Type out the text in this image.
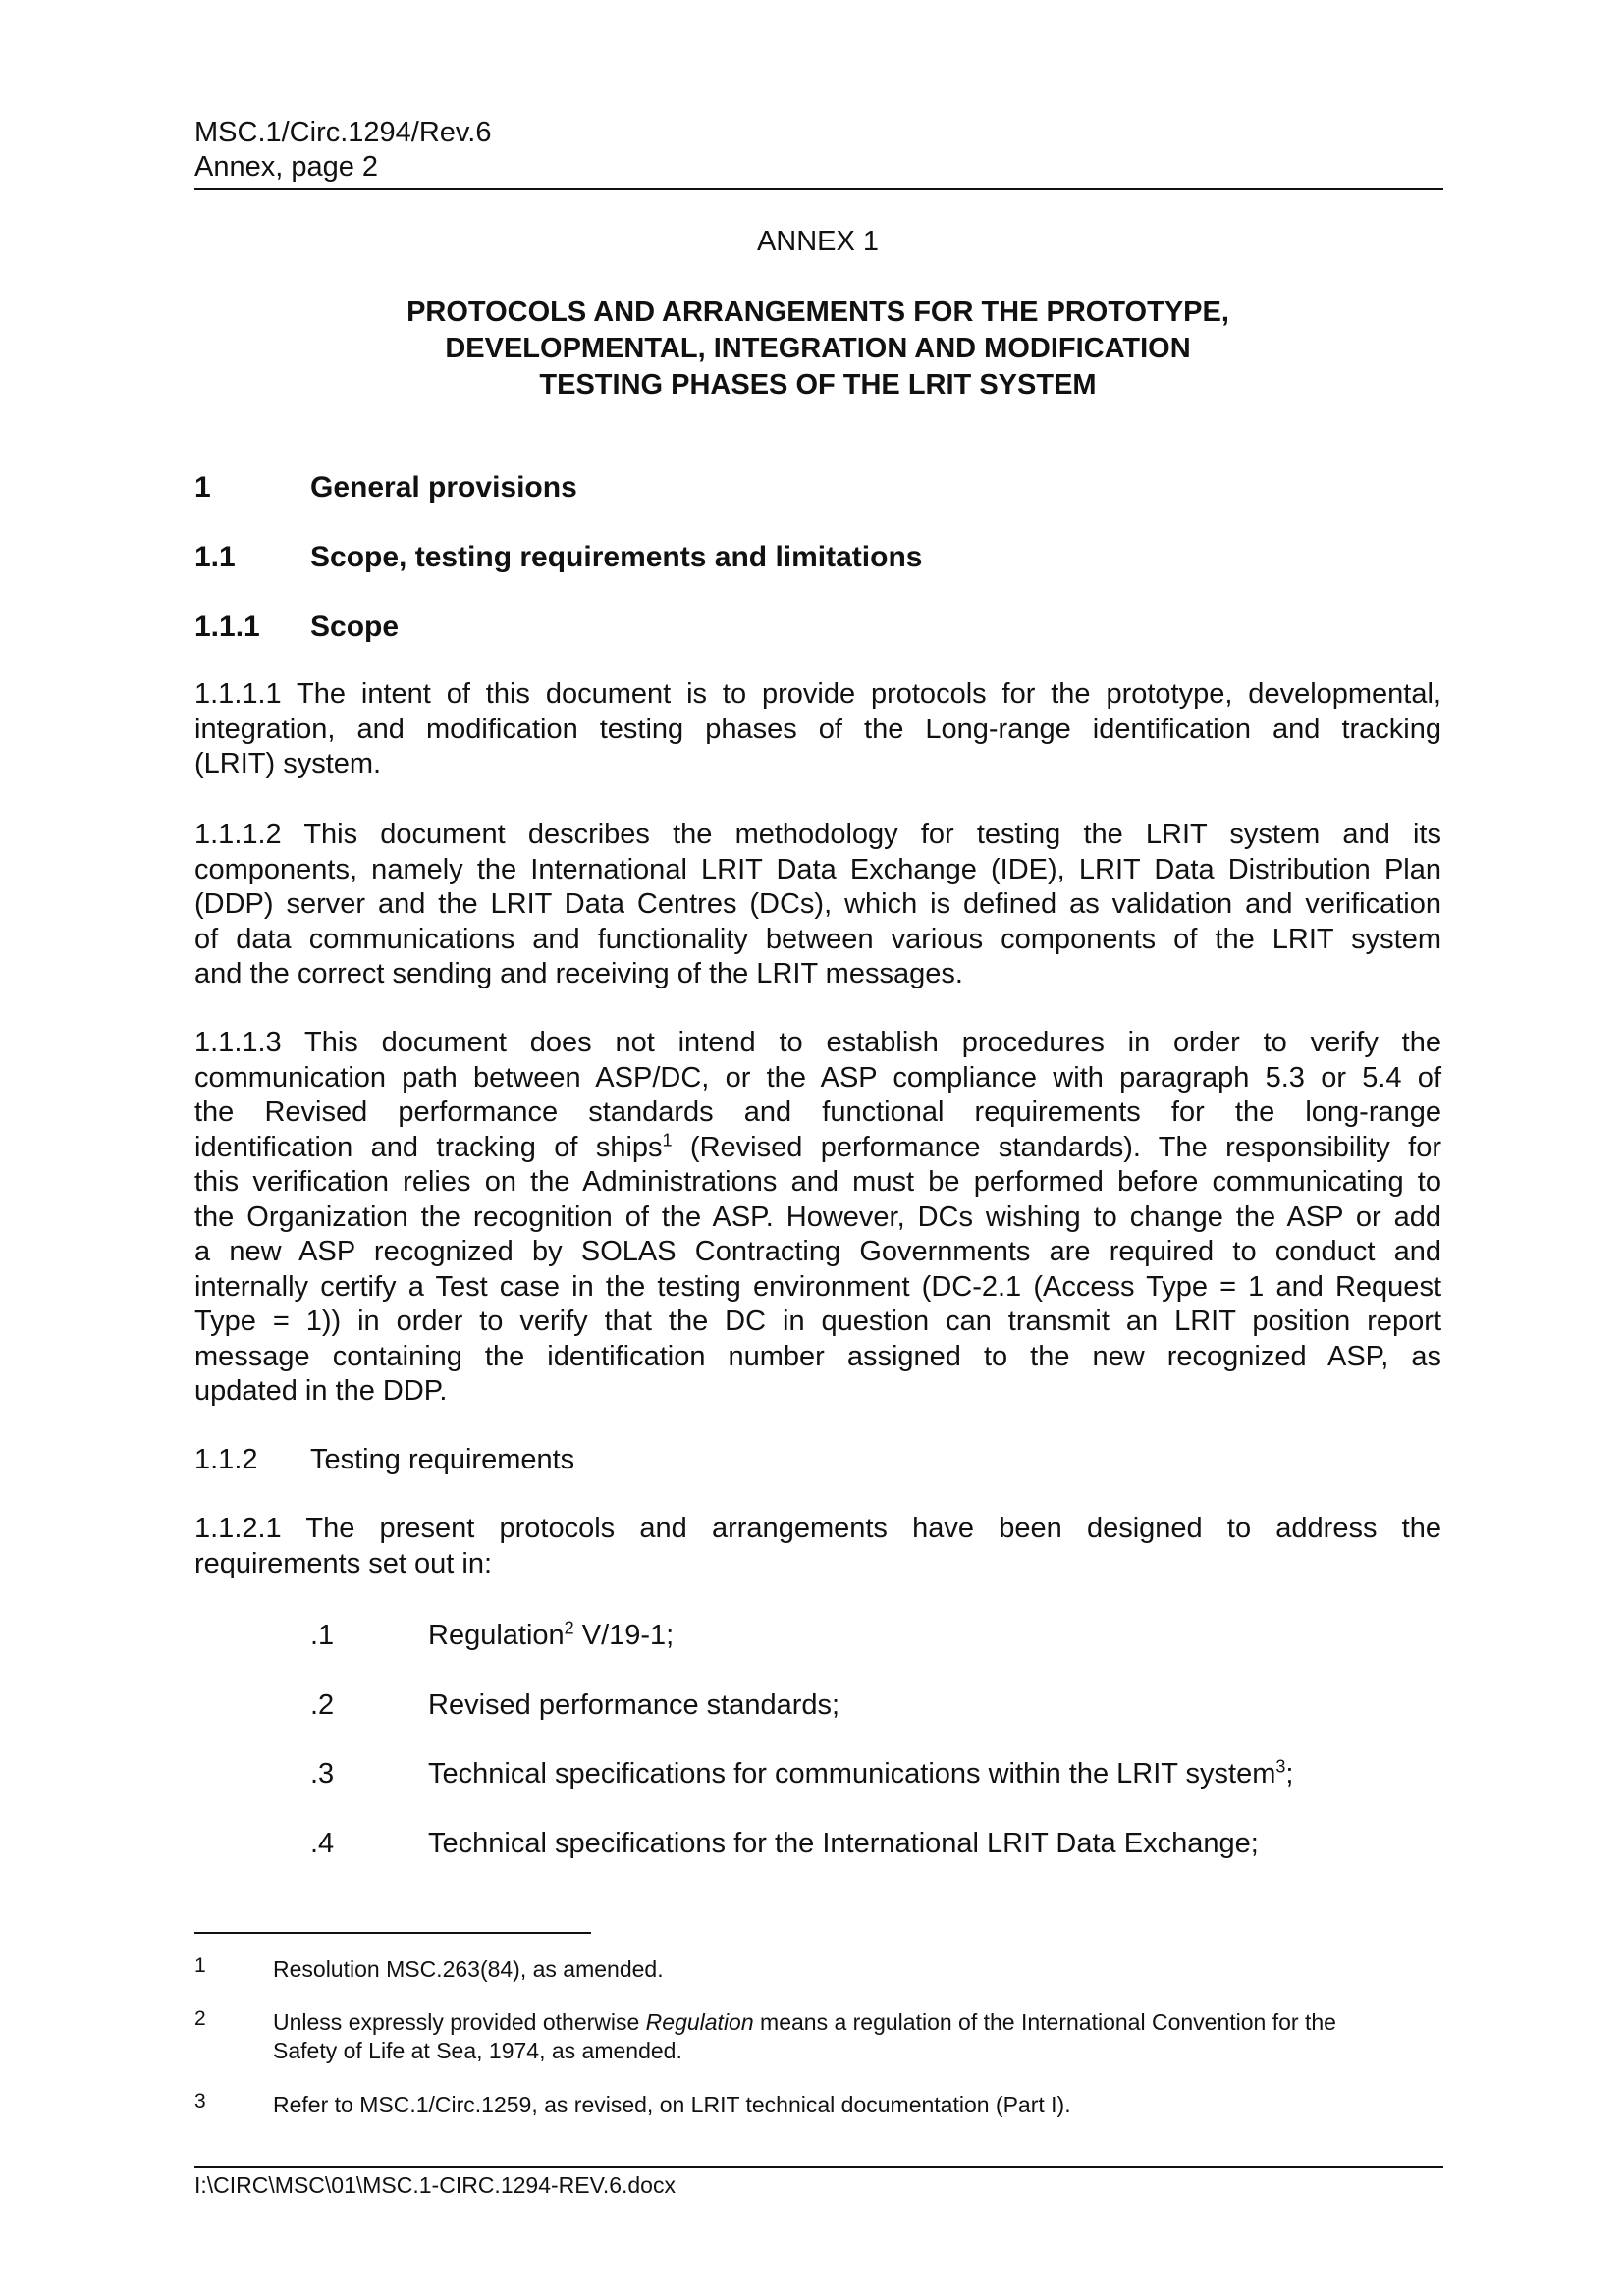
MSC.1/Circ.1294/Rev.6
Annex, page 2
ANNEX 1
PROTOCOLS AND ARRANGEMENTS FOR THE PROTOTYPE,
DEVELOPMENTAL, INTEGRATION AND MODIFICATION
TESTING PHASES OF THE LRIT SYSTEM
1	General provisions
1.1	Scope, testing requirements and limitations
1.1.1 Scope
1.1.1.1 The intent of this document is to provide protocols for the prototype, developmental,
integration, and modification testing phases of the Long-range identification and tracking
(LRIT) system.
1.1.1.2 This document describes the methodology for testing the LRIT system and its
components, namely the International LRIT Data Exchange (IDE), LRIT Data Distribution Plan
(DDP) server and the LRIT Data Centres (DCs), which is defined as validation and verification
of data communications and functionality between various components of the LRIT system
and the correct sending and receiving of the LRIT messages.
1.1.1.3 This document does not intend to establish procedures in order to verify the
communication path between ASP/DC, or the ASP compliance with paragraph 5.3 or 5.4 of
the Revised performance standards and functional requirements for the long-range
identification and tracking of ships$^1$ (Revised performance standards). The responsibility for
this verification relies on the Administrations and must be performed before communicating to
the Organization the recognition of the ASP. However, DCs wishing to change the ASP or add
a new ASP recognized by SOLAS Contracting Governments are required to conduct and
internally certify a Test case in the testing environment (DC-2.1 (Access Type = 1 and Request
Type = 1)) in order to verify that the DC in question can transmit an LRIT position report
message containing the identification number assigned to the new recognized ASP, as
updated in the DDP.
1.1.2 Testing requirements
1.1.2.1 The present protocols and arrangements have been designed to address the
requirements set out in:
.1	Regulation$^2$ V/19-1;
.2	Revised performance standards;
.3	Technical specifications for communications within the LRIT system$^3$;
.4	Technical specifications for the International LRIT Data Exchange;
1	Resolution MSC.263(84), as amended.
2	Unless expressly provided otherwise Regulation means a regulation of the International Convention for the
Safety of Life at Sea, 1974, as amended.
3	Refer to MSC.1/Circ.1259, as revised, on LRIT technical documentation (Part I).
I:\CIRC\MSC\01\MSC.1-CIRC.1294-REV.6.docx
